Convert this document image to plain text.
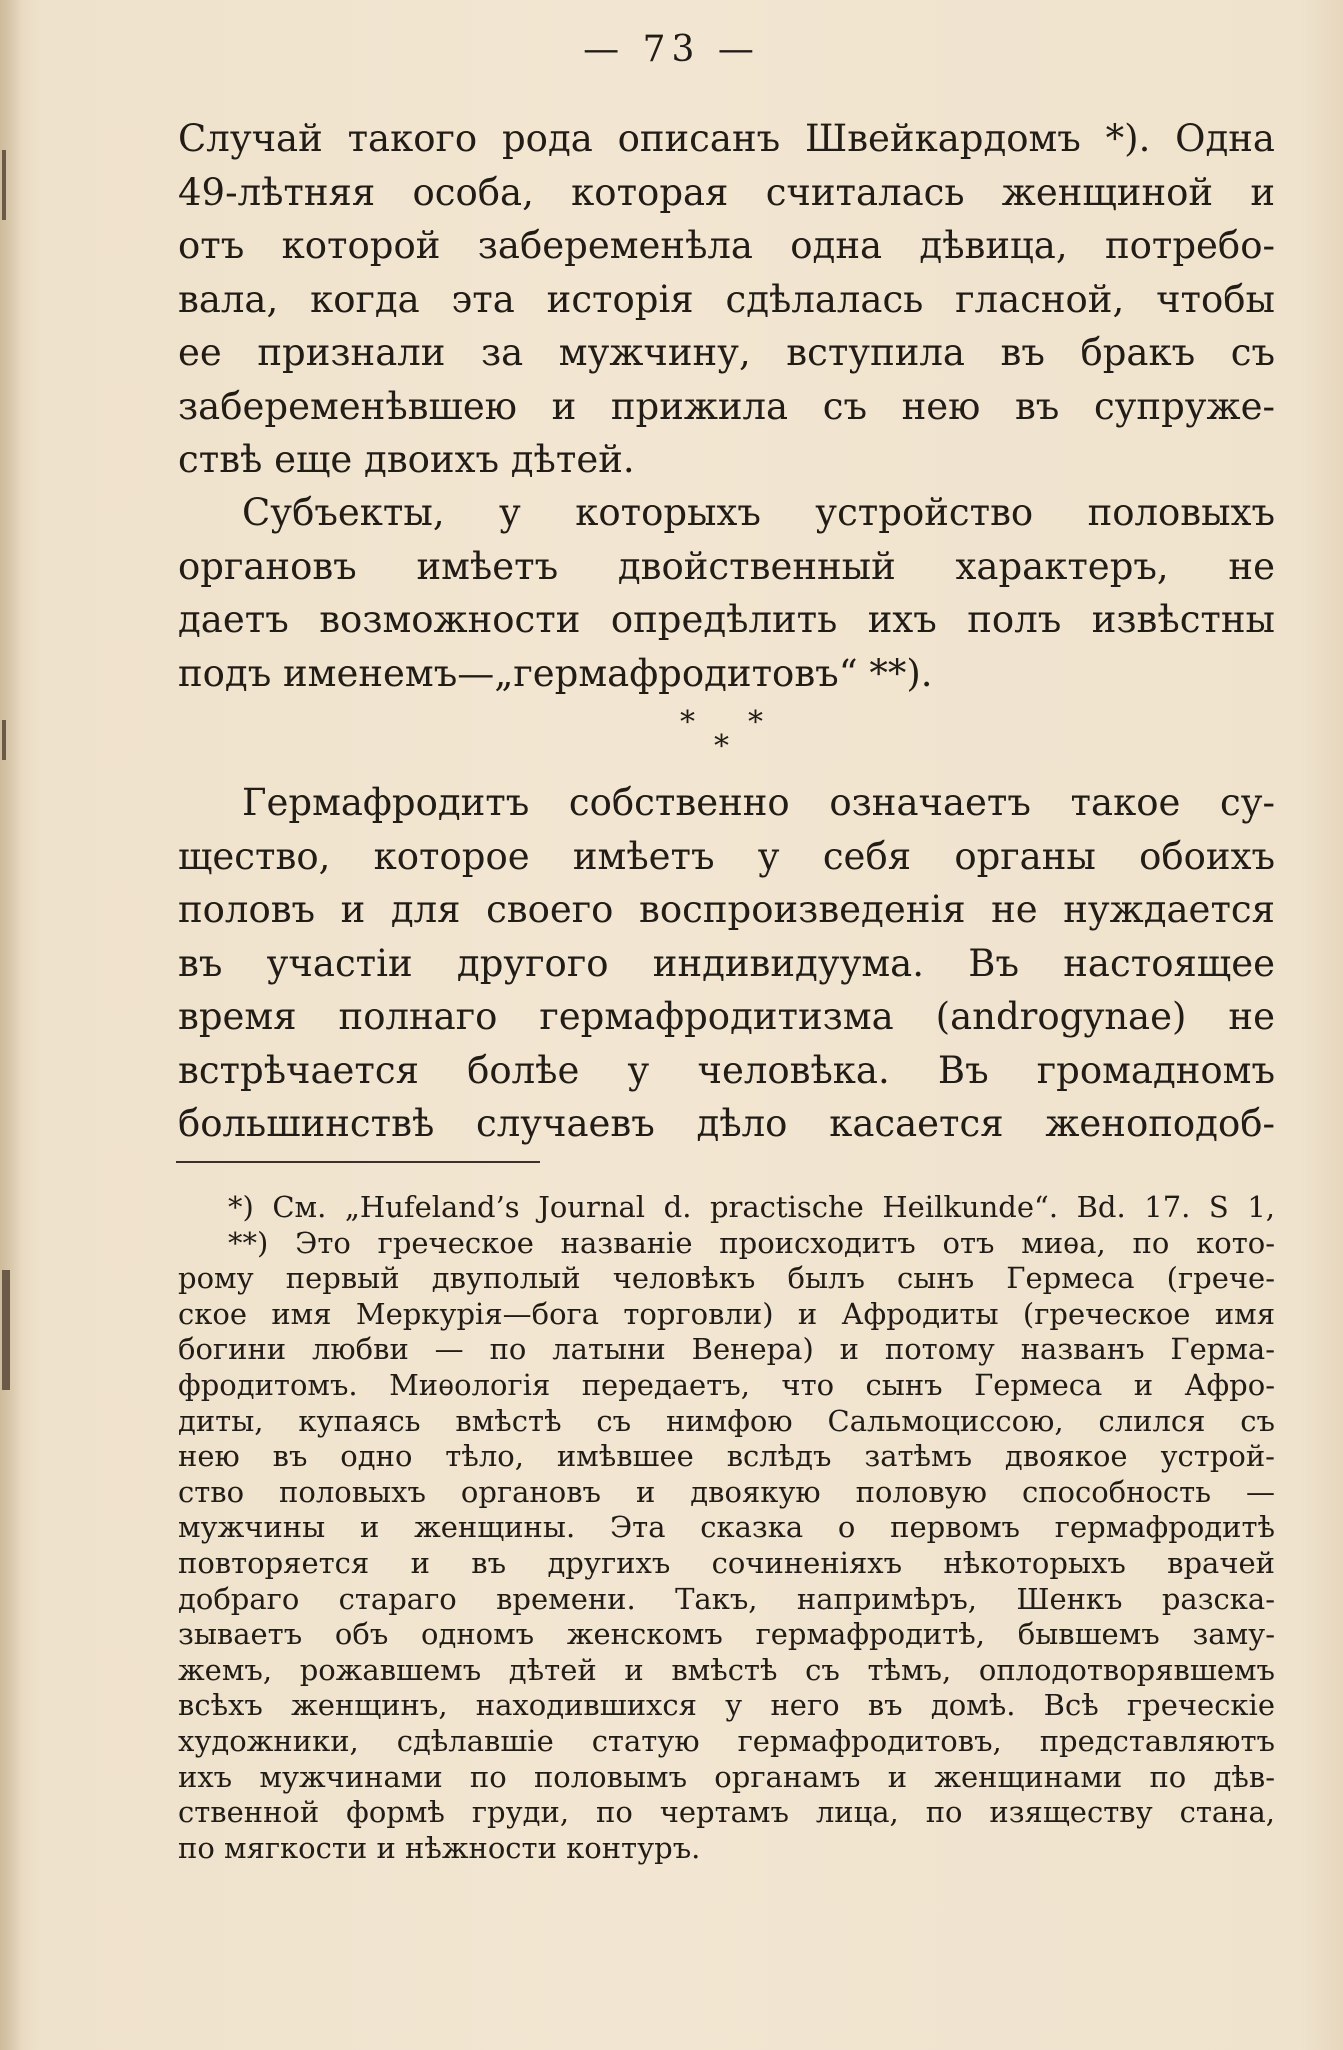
— 73 —
Случай такого рода описанъ Швейкардомъ *). Одна
49-лѣтняя особа, которая считалась женщиной и
отъ которой забеременѣла одна дѣвица, потребо-
вала, когда эта исторія сдѣлалась гласной, чтобы
ее признали за мужчину, вступила въ бракъ съ
забеременѣвшею и прижила съ нею въ супруже-
ствѣ еще двоихъ дѣтей.
Субъекты, у которыхъ устройство половыхъ
органовъ имѣетъ двойственный характеръ, не
даетъ возможности опредѣлить ихъ полъ извѣстны
подъ именемъ—„гермафродитовъ“ **).
* *
*
Гермафродитъ собственно означаетъ такое су-
щество, которое имѣетъ у себя органы обоихъ
половъ и для своего воспроизведенія не нуждается
въ участіи другого индивидуума. Въ настоящее
время полнаго гермафродитизма (androgynae) не
встрѣчается болѣе у человѣка. Въ громадномъ
большинствѣ случаевъ дѣло касается женоподоб-
*) См. „Hufeland’s Journal d. practische Heilkunde“. Bd. 17. S 1,
**) Это греческое названіе происходитъ отъ миѳа, по кото-
рому первый двуполый человѣкъ былъ сынъ Гермеса (грече-
ское имя Меркурія—бога торговли) и Афродиты (греческое имя
богини любви — по латыни Венера) и потому названъ Герма-
фродитомъ. Миѳологія передаетъ, что сынъ Гермеса и Афро-
диты, купаясь вмѣстѣ съ нимфою Сальмоциссою, слился съ
нею въ одно тѣло, имѣвшее вслѣдъ затѣмъ двоякое устрой-
ство половыхъ органовъ и двоякую половую способность —
мужчины и женщины. Эта сказка о первомъ гермафродитѣ
повторяется и въ другихъ сочиненіяхъ нѣкоторыхъ врачей
добраго стараго времени. Такъ, напримѣръ, Шенкъ разска-
зываетъ объ одномъ женскомъ гермафродитѣ, бывшемъ заму-
жемъ, рожавшемъ дѣтей и вмѣстѣ съ тѣмъ, оплодотворявшемъ
всѣхъ женщинъ, находившихся у него въ домѣ. Всѣ греческіе
художники, сдѣлавшіе статую гермафродитовъ, представляютъ
ихъ мужчинами по половымъ органамъ и женщинами по дѣв-
ственной формѣ груди, по чертамъ лица, по изяществу стана,
по мягкости и нѣжности контуръ.
